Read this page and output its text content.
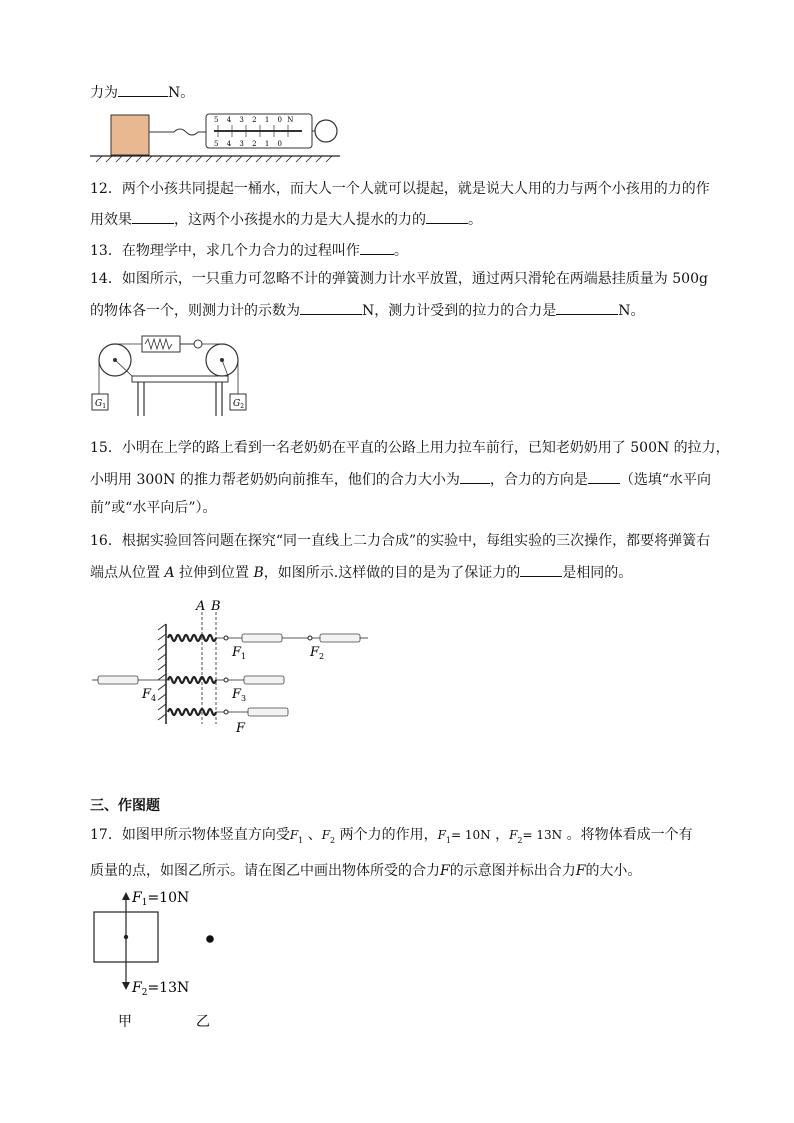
力为	N。
5 4 3 2 1 0 N
5 4 3 2 1 0
12．两个小孩共同提起一桶水，而大人一个人就可以提起，就是说大人用的力与两个小孩用的力的作
用效果	，这两个小孩提水的力是大人提水的力的	。
13．在物理学中，求几个力合力的过程叫作 。
14．如图所示，一只重力可忽略不计的弹簧测力计水平放置，通过两只滑轮在两端悬挂质量为 500g
的物体各一个，则测力计的示数为	N，测力计受到的拉力的合力是	N。
$G_1$	$G_2$
15．小明在上学的路上看到一名老奶奶在平直的公路上用力拉车前行，已知老奶奶用了 500N 的拉力，
小明用 300N 的推力帮老奶奶向前推车，他们的合力大小为 ，合力的方向是 （选填“水平向
前”或“水平向后”）。
16．根据实验回答问题在探究“同一直线上二力合成”的实验中，每组实验的三次操作，都要将弹簧右
端点从位置 A 拉伸到位置 B，如图所示.这样做的目的是为了保证力的	是相同的。
A B
$F_1$	$F_2$
$F_4$	$F_3$
F
三、作图题
17．如图甲所示物体竖直方向受$F_1$ 、$F_2$ 两个力的作用，$F_1= 10N$ ，$F_2= 13N$ 。将物体看成一个有
质量的点，如图乙所示。请在图乙中画出物体所受的合力F的示意图并标出合力F的大小。
$F_1=10N$
$F_2=13N$
甲	乙
